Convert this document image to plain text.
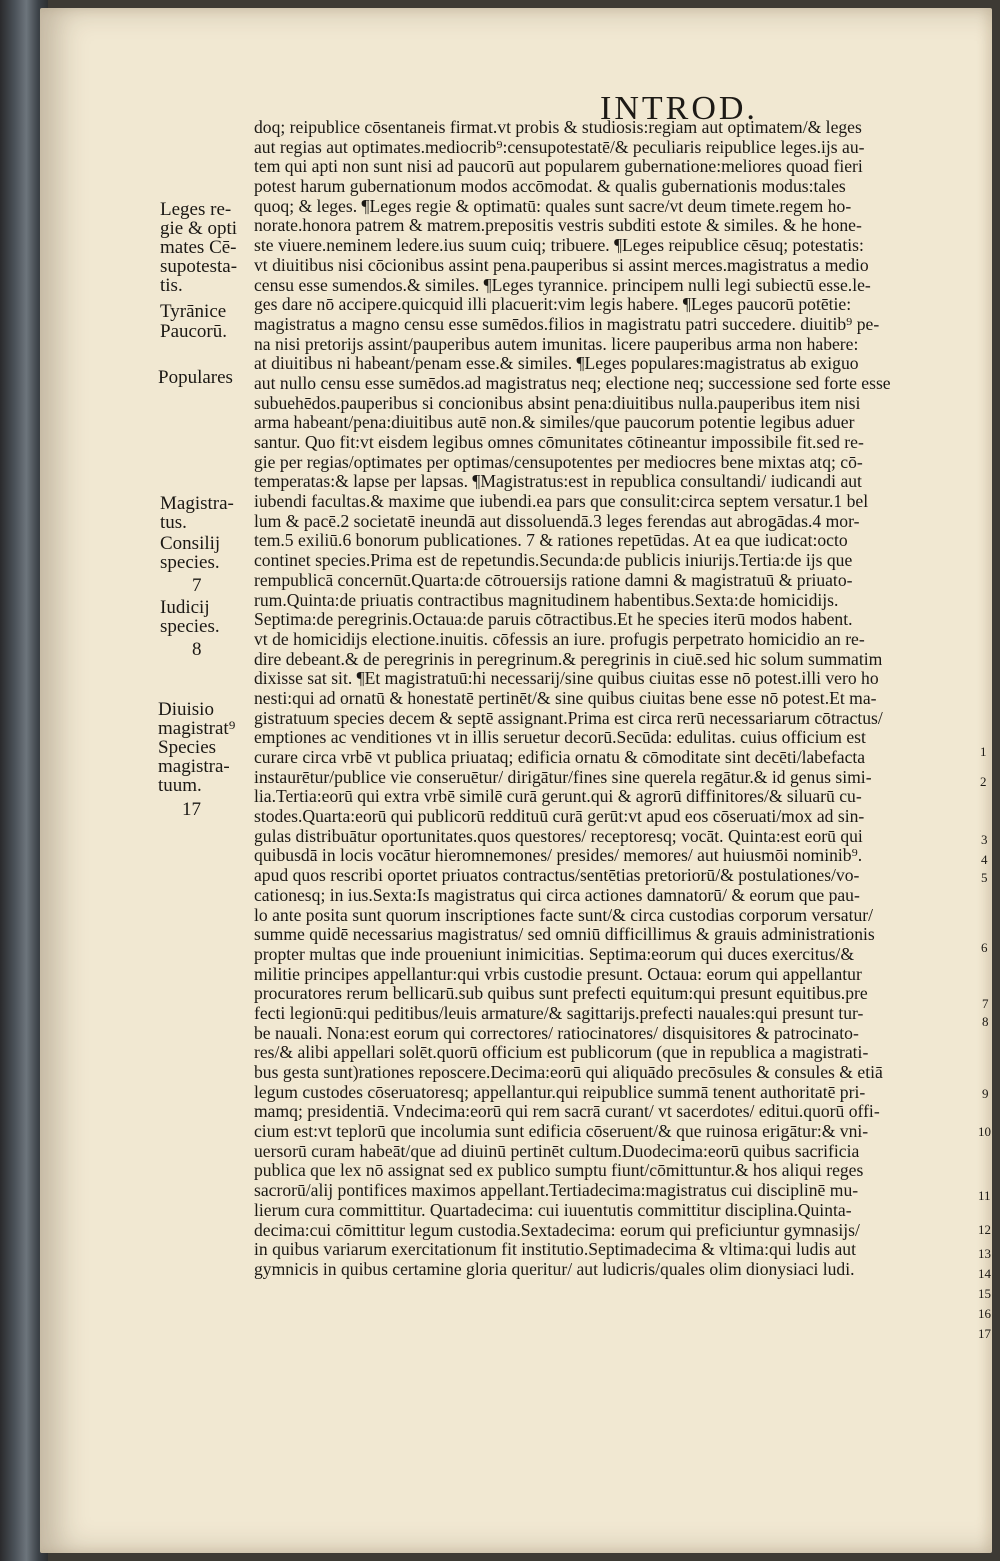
INTROD.
doq; reipublice cōsentaneis firmat.vt probis & studiosis:regiam aut optimatem/& leges
aut regias aut optimates.mediocrib⁹:censupotestatē/& peculiaris reipublice leges.ijs au-
tem qui apti non sunt nisi ad paucorū aut popularem gubernatione:meliores quoad fieri
potest harum gubernationum modos accōmodat. & qualis gubernationis modus:tales
quoq; & leges. ¶Leges regie & optimatū: quales sunt sacre/vt deum timete.regem ho-
norate.honora patrem & matrem.prepositis vestris subditi estote & similes. & he hone-
ste viuere.neminem ledere.ius suum cuiq; tribuere. ¶Leges reipublice cēsuq; potestatis:
vt diuitibus nisi cōcionibus assint pena.pauperibus si assint merces.magistratus a medio
censu esse sumendos.& similes. ¶Leges tyrannice. principem nulli legi subiectū esse.le-
ges dare nō accipere.quicquid illi placuerit:vim legis habere. ¶Leges paucorū potētie:
magistratus a magno censu esse sumēdos.filios in magistratu patri succedere. diuitib⁹ pe-
na nisi pretorijs assint/pauperibus autem imunitas. licere pauperibus arma non habere:
at diuitibus ni habeant/penam esse.& similes. ¶Leges populares:magistratus ab exiguo
aut nullo censu esse sumēdos.ad magistratus neq; electione neq; successione sed forte esse
subuehēdos.pauperibus si concionibus absint pena:diuitibus nulla.pauperibus item nisi
arma habeant/pena:diuitibus autē non.& similes/que paucorum potentie legibus aduer
santur. Quo fit:vt eisdem legibus omnes cōmunitates cōtineantur impossibile fit.sed re-
gie per regias/optimates per optimas/censupotentes per mediocres bene mixtas atq; cō-
temperatas:& lapse per lapsas. ¶Magistratus:est in republica consultandi/ iudicandi aut
iubendi facultas.& maxime que iubendi.ea pars que consulit:circa septem versatur.1 bel
lum & pacē.2 societatē ineundā aut dissoluendā.3 leges ferendas aut abrogādas.4 mor-
tem.5 exiliū.6 bonorum publicationes. 7 & rationes repetūdas. At ea que iudicat:octo
continet species.Prima est de repetundis.Secunda:de publicis iniurijs.Tertia:de ijs que
rempublicā concernūt.Quarta:de cōtrouersijs ratione damni & magistratuū & priuato-
rum.Quinta:de priuatis contractibus magnitudinem habentibus.Sexta:de homicidijs.
Septima:de peregrinis.Octaua:de paruis cōtractibus.Et he species iterū modos habent.
vt de homicidijs electione.inuitis. cōfessis an iure. profugis perpetrato homicidio an re-
dire debeant.& de peregrinis in peregrinum.& peregrinis in ciuē.sed hic solum summatim
dixisse sat sit. ¶Et magistratuū:hi necessarij/sine quibus ciuitas esse nō potest.illi vero ho
nesti:qui ad ornatū & honestatē pertinēt/& sine quibus ciuitas bene esse nō potest.Et ma-
gistratuum species decem & septē assignant.Prima est circa rerū necessariarum cōtractus/
emptiones ac venditiones vt in illis seruetur decorū.Secūda: edulitas. cuius officium est
curare circa vrbē vt publica priuataq; edificia ornatu & cōmoditate sint decēti/labefacta
instaurētur/publice vie conseruētur/ dirigātur/fines sine querela regātur.& id genus simi-
lia.Tertia:eorū qui extra vrbē similē curā gerunt.qui & agrorū diffinitores/& siluarū cu-
stodes.Quarta:eorū qui publicorū reddituū curā gerūt:vt apud eos cōseruati/mox ad sin-
gulas distribuātur oportunitates.quos questores/ receptoresq; vocāt. Quinta:est eorū qui
quibusdā in locis vocātur hieromnemones/ presides/ memores/ aut huiusmōi nominib⁹.
apud quos rescribi oportet priuatos contractus/sentētias pretoriorū/& postulationes/vo-
cationesq; in ius.Sexta:Is magistratus qui circa actiones damnatorū/ & eorum que pau-
lo ante posita sunt quorum inscriptiones facte sunt/& circa custodias corporum versatur/
summe quidē necessarius magistratus/ sed omniū difficillimus & grauis administrationis
propter multas que inde proueniunt inimicitias. Septima:eorum qui duces exercitus/&
militie principes appellantur:qui vrbis custodie presunt. Octaua: eorum qui appellantur
procuratores rerum bellicarū.sub quibus sunt prefecti equitum:qui presunt equitibus.pre
fecti legionū:qui peditibus/leuis armature/& sagittarijs.prefecti nauales:qui presunt tur-
be nauali. Nona:est eorum qui correctores/ ratiocinatores/ disquisitores & patrocinato-
res/& alibi appellari solēt.quorū officium est publicorum (que in republica a magistrati-
bus gesta sunt)rationes reposcere.Decima:eorū qui aliquādo precōsules & consules & etiā
legum custodes cōseruatoresq; appellantur.qui reipublice summā tenent authoritatē pri-
mamq; presidentiā. Vndecima:eorū qui rem sacrā curant/ vt sacerdotes/ editui.quorū offi-
cium est:vt teplorū que incolumia sunt edificia cōseruent/& que ruinosa erigātur:& vni-
uersorū curam habeāt/que ad diuinū pertinēt cultum.Duodecima:eorū quibus sacrificia
publica que lex nō assignat sed ex publico sumptu fiunt/cōmittuntur.& hos aliqui reges
sacrorū/alij pontifices maximos appellant.Tertiadecima:magistratus cui disciplinē mu-
lierum cura committitur. Quartadecima: cui iuuentutis committitur disciplina.Quinta-
decima:cui cōmittitur legum custodia.Sextadecima: eorum qui preficiuntur gymnasijs/
in quibus variarum exercitationum fit institutio.Septimadecima & vltima:qui ludis aut
gymnicis in quibus certamine gloria queritur/ aut ludicris/quales olim dionysiaci ludi.
Leges re-
gie & opti
mates Cē-
supotesta-
tis.
Tyrānice
Paucorū.
Populares
Magistra-
tus.
Consilij
species.
7
Iudicij
species.
8
Diuisio
magistrat⁹
Species
magistra-
tuum.
17
1
2
3
4
5
6
7
8
9
10
11
12
13
14
15
16
17
